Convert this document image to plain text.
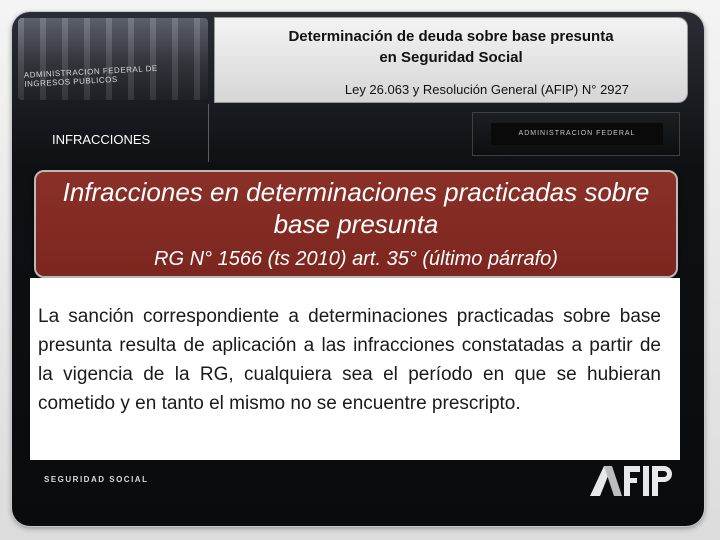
ADMINISTRACION FEDERAL DE INGRESOS PUBLICOS
Determinación de deuda sobre base presunta
en Seguridad Social
Ley 26.063 y Resolución General (AFIP) N° 2927
INFRACCIONES	ADMINISTRACION FEDERAL
Infracciones en determinaciones practicadas sobre base presunta
RG N° 1566 (ts 2010) art. 35° (último párrafo)
La sanción correspondiente a determinaciones practicadas sobre base presunta resulta de aplicación a las infracciones constatadas a partir de la vigencia de la RG, cualquiera sea el período en que se hubieran cometido y en tanto el mismo no se encuentre prescripto.
SEGURIDAD SOCIAL
